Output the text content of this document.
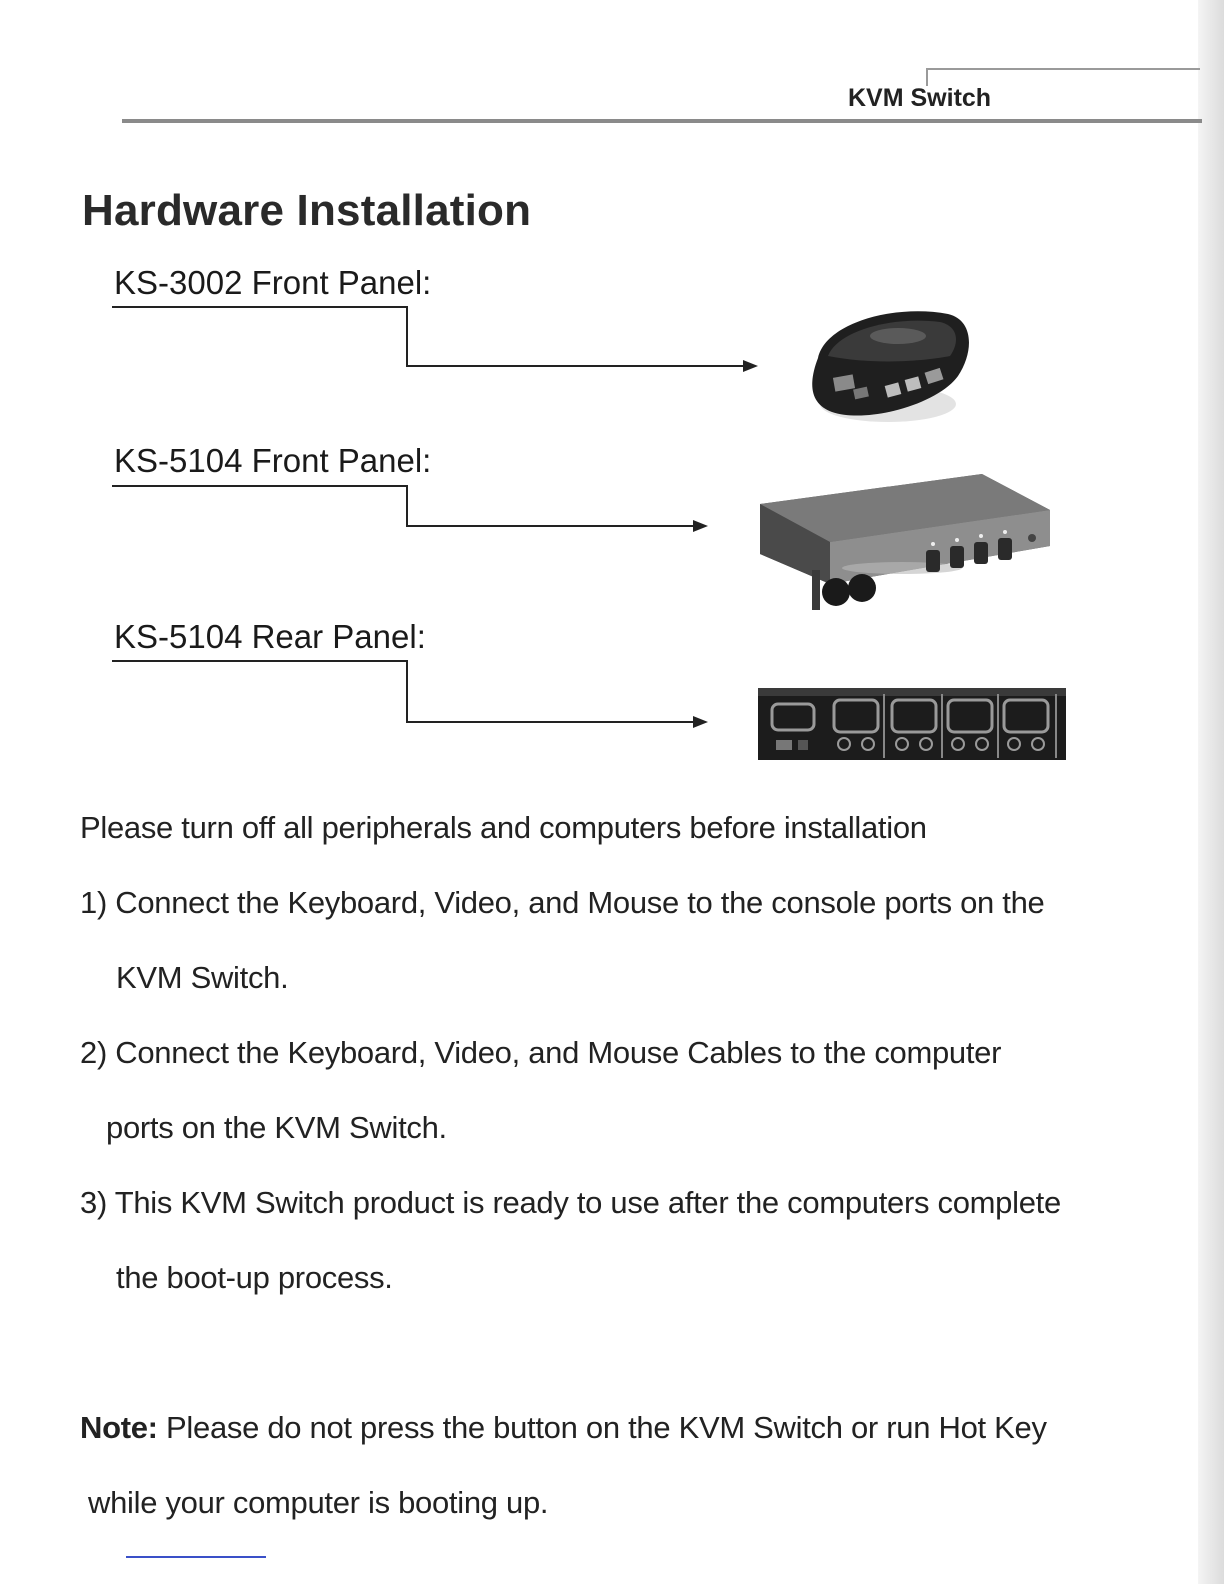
KVM Switch
Hardware Installation
KS-3002 Front Panel:
KS-5104 Front Panel:
KS-5104 Rear Panel:
Please turn off all peripherals and computers before installation
1) Connect the Keyboard, Video, and Mouse to the console ports on the
KVM Switch.
2) Connect the Keyboard, Video, and Mouse Cables to the computer
ports on the KVM Switch.
3) This KVM Switch product is ready to use after the computers complete
the boot-up process.
Note: Please do not press the button on the KVM Switch or run Hot Key
while your computer is booting up.
